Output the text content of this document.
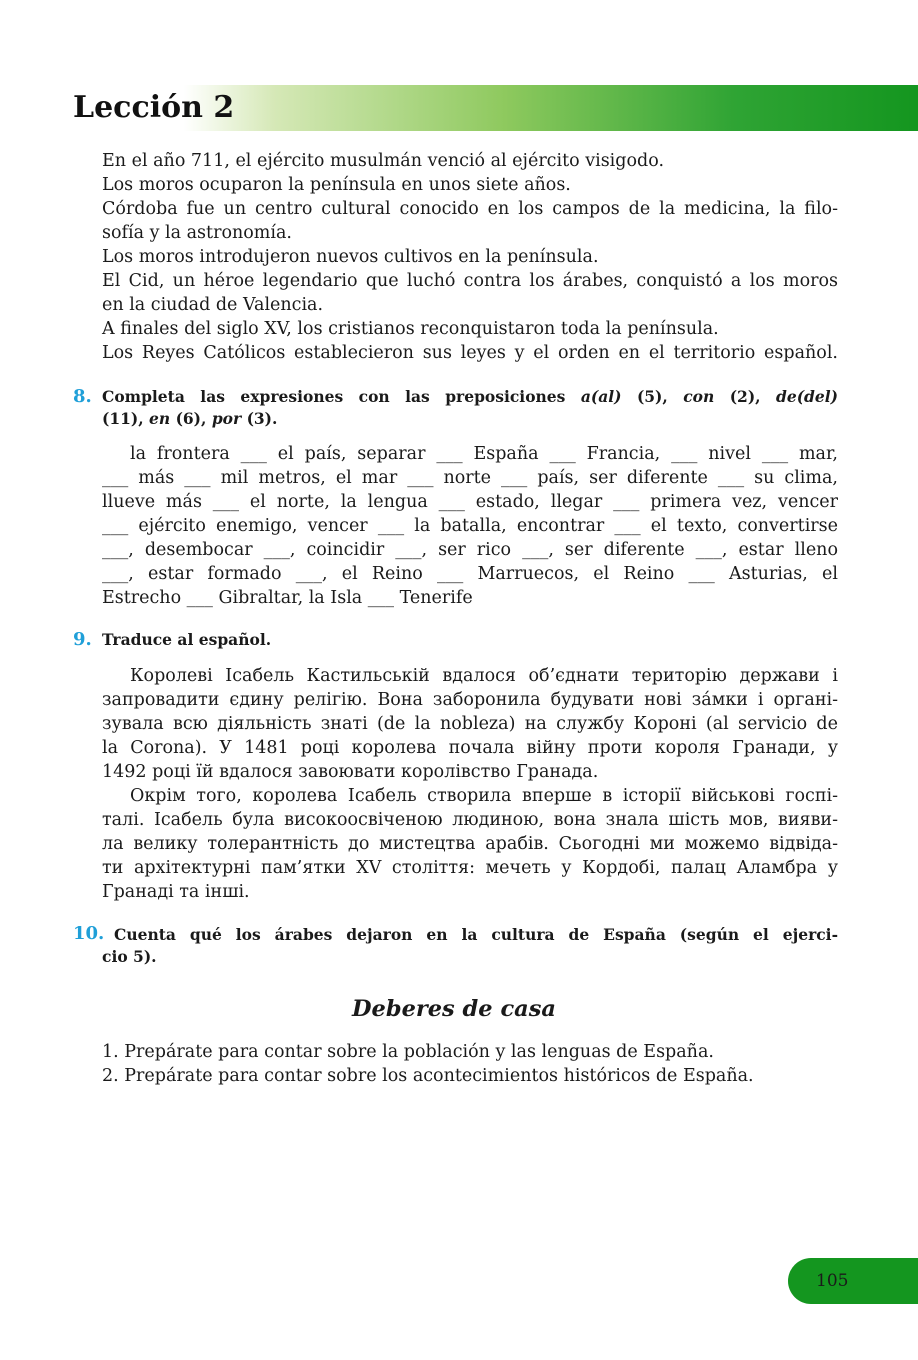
Lección 2
En el año 711, el ejército musulmán venció al ejército visigodo.
Los moros ocuparon la península en unos siete años.
Córdoba fue un centro cultural conocido en los campos de la medicina, la filo-
sofía y la astronomía.
Los moros introdujeron nuevos cultivos en la península.
El Cid, un héroe legendario que luchó contra los árabes, conquistó a los moros
en la ciudad de Valencia.
A finales del siglo XV, los cristianos reconquistaron toda la península.
Los Reyes Católicos establecieron sus leyes y el orden en el territorio español.
8. Completa las expresiones con las preposiciones a(al) (5), con (2), de(del)
(11), en (6), por (3).
la frontera ___ el país, separar ___ España ___ Francia, ___ nivel ___ mar,
___ más ___ mil metros, el mar ___ norte ___ país, ser diferente ___ su clima,
llueve más ___ el norte, la lengua ___ estado, llegar ___ primera vez, vencer
___ ejército enemigo, vencer ___ la batalla, encontrar ___ el texto, convertirse
___, desembocar ___, coincidir ___, ser rico ___, ser diferente ___, estar lleno
___, estar formado ___, el Reino ___ Marruecos, el Reino ___ Asturias, el
Estrecho ___ Gibraltar, la Isla ___ Tenerife
9. Traduce al español.
Королеві Ісабель Кастильській вдалося об’єднати територію держави і
запровадити єдину релігію. Вона заборонила будувати нові за́мки і органі-
зувала всю діяльність знаті (de la nobleza) на службу Короні (al servicio de
la Corona). У 1481 році королева почала війну проти короля Гранади, у
1492 році їй вдалося завоювати королівство Гранада.
Окрім того, королева Ісабель створила вперше в історії військові госпі-
талі. Ісабель була високоосвіченою людиною, вона знала шість мов, вияви-
ла велику толерантність до мистецтва арабів. Сьогодні ми можемо відвіда-
ти архітектурні пам’ятки XV століття: мечеть у Кордобі, палац Аламбра у
Гранаді та інші.
10. Cuenta qué los árabes dejaron en la cultura de España (según el ejerci-
cio 5).
Deberes de casa
1. Prepárate para contar sobre la población y las lenguas de España.
2. Prepárate para contar sobre los acontecimientos históricos de España.
105
